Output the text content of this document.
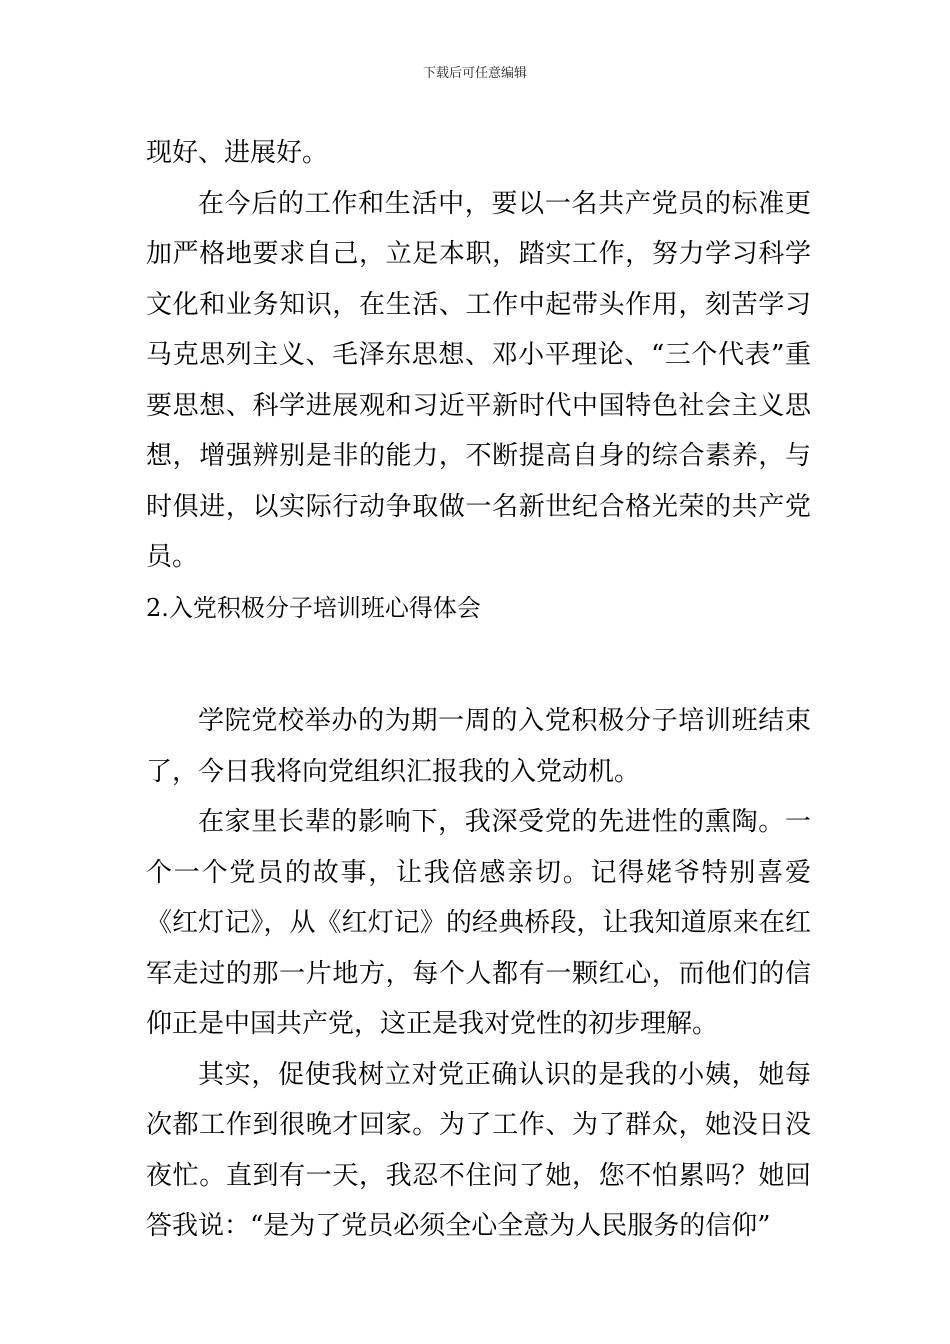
下载后可任意编辑

现好、进展好。

在今后的工作和生活中，要以一名共产党员的标准更加严格地要求自己，立足本职，踏实工作，努力学习科学文化和业务知识，在生活、工作中起带头作用，刻苦学习马克思列主义、毛泽东思想、邓小平理论、“三个代表”重要思想、科学进展观和习近平新时代中国特色社会主义思想，增强辨别是非的能力，不断提高自身的综合素养，与时俱进，以实际行动争取做一名新世纪合格光荣的共产党员。

2.入党积极分子培训班心得体会

学院党校举办的为期一周的入党积极分子培训班结束了，今日我将向党组织汇报我的入党动机。

在家里长辈的影响下，我深受党的先进性的熏陶。一个一个党员的故事，让我倍感亲切。记得姥爷特别喜爱《红灯记》，从《红灯记》的经典桥段，让我知道原来在红军走过的那一片地方，每个人都有一颗红心，而他们的信仰正是中国共产党，这正是我对党性的初步理解。

其实，促使我树立对党正确认识的是我的小姨，她每次都工作到很晚才回家。为了工作、为了群众，她没日没夜忙。直到有一天，我忍不住问了她，您不怕累吗？她回答我说：“是为了党员必须全心全意为人民服务的信仰”
